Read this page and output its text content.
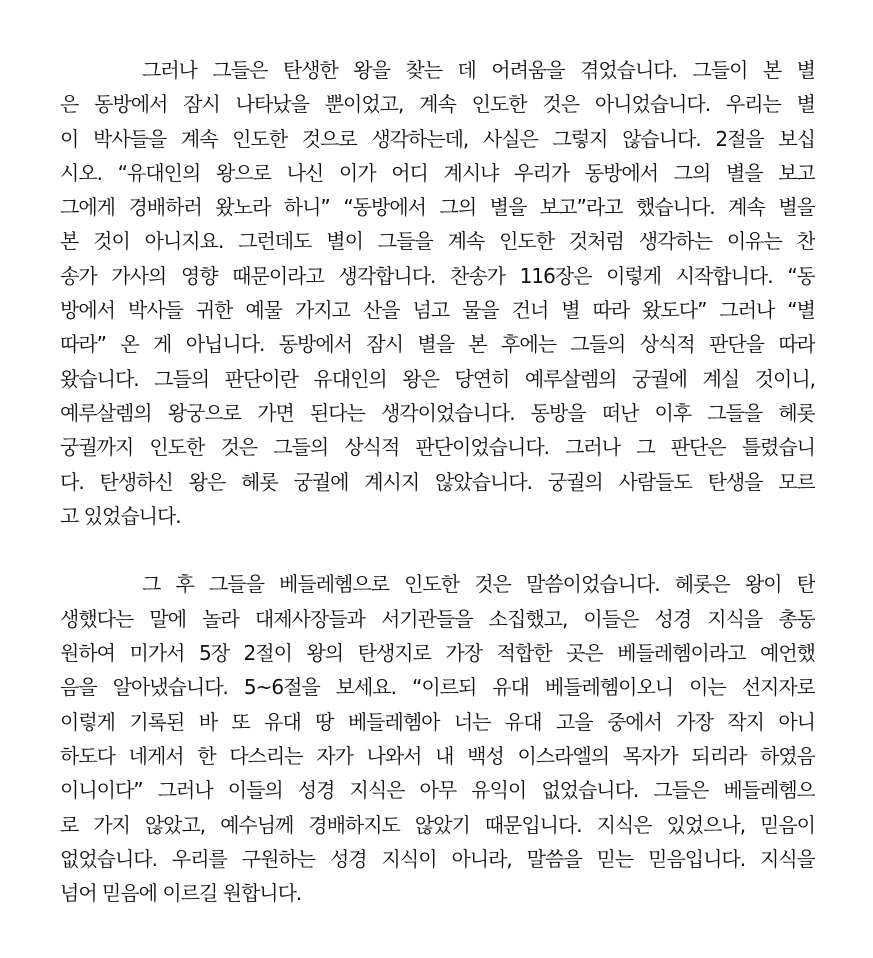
그러나 그들은 탄생한 왕을 찾는 데 어려움을 겪었습니다. 그들이 본 별
은 동방에서 잠시 나타났을 뿐이었고, 계속 인도한 것은 아니었습니다. 우리는 별
이 박사들을 계속 인도한 것으로 생각하는데, 사실은 그렇지 않습니다. 2절을 보십
시오. “유대인의 왕으로 나신 이가 어디 계시냐 우리가 동방에서 그의 별을 보고
그에게 경배하러 왔노라 하니” “동방에서 그의 별을 보고”라고 했습니다. 계속 별을
본 것이 아니지요. 그런데도 별이 그들을 계속 인도한 것처럼 생각하는 이유는 찬
송가 가사의 영향 때문이라고 생각합니다. 찬송가 116장은 이렇게 시작합니다. “동
방에서 박사들 귀한 예물 가지고 산을 넘고 물을 건너 별 따라 왔도다” 그러나 “별
따라” 온 게 아닙니다. 동방에서 잠시 별을 본 후에는 그들의 상식적 판단을 따라
왔습니다. 그들의 판단이란 유대인의 왕은 당연히 예루살렘의 궁궐에 계실 것이니,
예루살렘의 왕궁으로 가면 된다는 생각이었습니다. 동방을 떠난 이후 그들을 헤롯
궁궐까지 인도한 것은 그들의 상식적 판단이었습니다. 그러나 그 판단은 틀렸습니
다. 탄생하신 왕은 헤롯 궁궐에 계시지 않았습니다. 궁궐의 사람들도 탄생을 모르
고 있었습니다.
그 후 그들을 베들레헴으로 인도한 것은 말씀이었습니다. 헤롯은 왕이 탄
생했다는 말에 놀라 대제사장들과 서기관들을 소집했고, 이들은 성경 지식을 총동
원하여 미가서 5장 2절이 왕의 탄생지로 가장 적합한 곳은 베들레헴이라고 예언했
음을 알아냈습니다. 5~6절을 보세요. “이르되 유대 베들레헴이오니 이는 선지자로
이렇게 기록된 바 또 유대 땅 베들레헴아 너는 유대 고을 중에서 가장 작지 아니
하도다 네게서 한 다스리는 자가 나와서 내 백성 이스라엘의 목자가 되리라 하였음
이니이다” 그러나 이들의 성경 지식은 아무 유익이 없었습니다. 그들은 베들레헴으
로 가지 않았고, 예수님께 경배하지도 않았기 때문입니다. 지식은 있었으나, 믿음이
없었습니다. 우리를 구원하는 성경 지식이 아니라, 말씀을 믿는 믿음입니다. 지식을
넘어 믿음에 이르길 원합니다.
